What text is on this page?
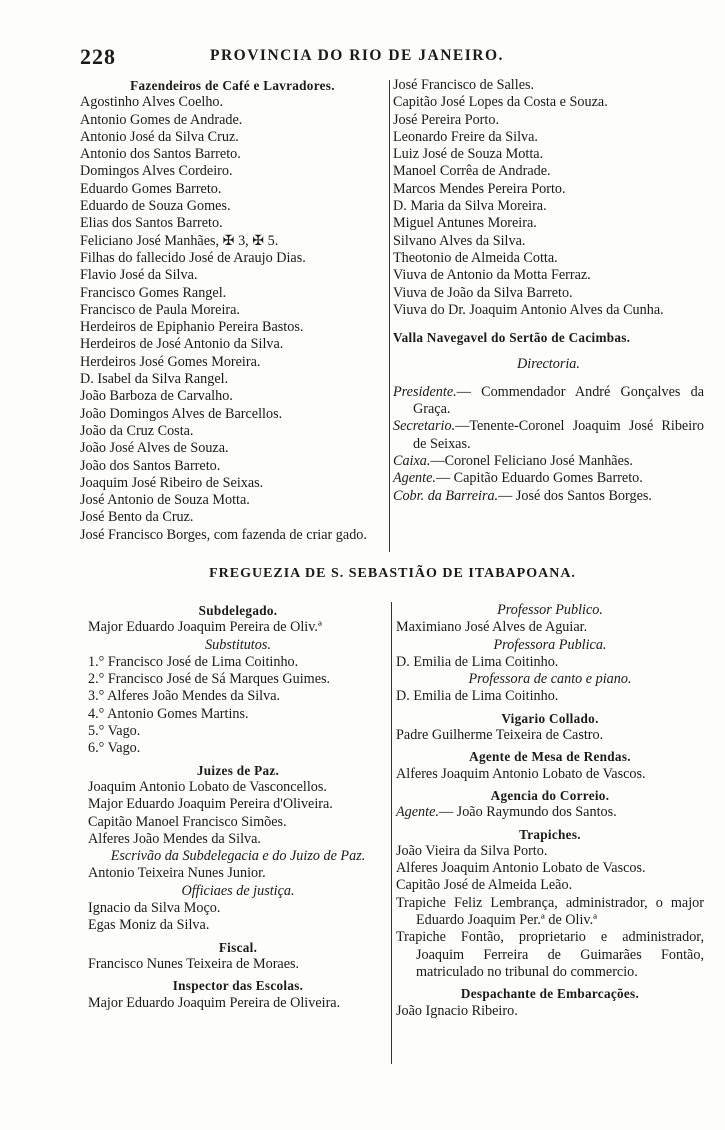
228	PROVINCIA DO RIO DE JANEIRO.
Fazendeiros de Café e Lavradores.
Agostinho Alves Coelho.
Antonio Gomes de Andrade.
Antonio José da Silva Cruz.
Antonio dos Santos Barreto.
Domingos Alves Cordeiro.
Eduardo Gomes Barreto.
Eduardo de Souza Gomes.
Elias dos Santos Barreto.
Feliciano José Manhães, ✠ 3, ✠ 5.
Filhas do fallecido José de Araujo Dias.
Flavio José da Silva.
Francisco Gomes Rangel.
Francisco de Paula Moreira.
Herdeiros de Epiphanio Pereira Bastos.
Herdeiros de José Antonio da Silva.
Herdeiros José Gomes Moreira.
D. Isabel da Silva Rangel.
João Barboza de Carvalho.
João Domingos Alves de Barcellos.
João da Cruz Costa.
João José Alves de Souza.
João dos Santos Barreto.
Joaquim José Ribeiro de Seixas.
José Antonio de Souza Motta.
José Bento da Cruz.
José Francisco Borges, com fazenda de criar gado.
José Francisco de Salles.
Capitão José Lopes da Costa e Souza.
José Pereira Porto.
Leonardo Freire da Silva.
Luiz José de Souza Motta.
Manoel Corrêa de Andrade.
Marcos Mendes Pereira Porto.
D. Maria da Silva Moreira.
Miguel Antunes Moreira.
Silvano Alves da Silva.
Theotonio de Almeida Cotta.
Viuva de Antonio da Motta Ferraz.
Viuva de João da Silva Barreto.
Viuva do Dr. Joaquim Antonio Alves da Cunha.
Valla Navegavel do Sertão de Cacimbas.
Directoria.
Presidente.— Commendador André Gonçalves da Graça.
Secretario.—Tenente-Coronel Joaquim José Ribeiro de Seixas.
Caixa.—Coronel Feliciano José Manhães.
Agente.— Capitão Eduardo Gomes Barreto.
Cobr. da Barreira.— José dos Santos Borges.
FREGUEZIA DE S. SEBASTIÃO DE ITABAPOANA.
Subdelegado.
Major Eduardo Joaquim Pereira de Oliv.ª
Substitutos.
1.° Francisco José de Lima Coitinho.
2.° Francisco José de Sá Marques Guimes.
3.° Alferes João Mendes da Silva.
4.° Antonio Gomes Martins.
5.° Vago.
6.° Vago.
Juizes de Paz.
Joaquim Antonio Lobato de Vasconcellos.
Major Eduardo Joaquim Pereira d'Oliveira.
Capitão Manoel Francisco Simões.
Alferes João Mendes da Silva.
Escrivão da Subdelegacia e do Juizo de Paz.
Antonio Teixeira Nunes Junior.
Officiaes de justiça.
Ignacio da Silva Moço.
Egas Moniz da Silva.
Fiscal.
Francisco Nunes Teixeira de Moraes.
Inspector das Escolas.
Major Eduardo Joaquim Pereira de Oliveira.
Professor Publico.
Maximiano José Alves de Aguiar.
Professora Publica.
D. Emilia de Lima Coitinho.
Professora de canto e piano.
D. Emilia de Lima Coitinho.
Vigario Collado.
Padre Guilherme Teixeira de Castro.
Agente de Mesa de Rendas.
Alferes Joaquim Antonio Lobato de Vascos.
Agencia do Correio.
Agente.— João Raymundo dos Santos.
Trapiches.
João Vieira da Silva Porto.
Alferes Joaquim Antonio Lobato de Vascos.
Capitão José de Almeida Leão.
Trapiche Feliz Lembrança, administrador, o major Eduardo Joaquim Per.ª de Oliv.ª
Trapiche Fontão, proprietario e administrador, Joaquim Ferreira de Guimarães Fontão, matriculado no tribunal do commercio.
Despachante de Embarcações.
João Ignacio Ribeiro.
